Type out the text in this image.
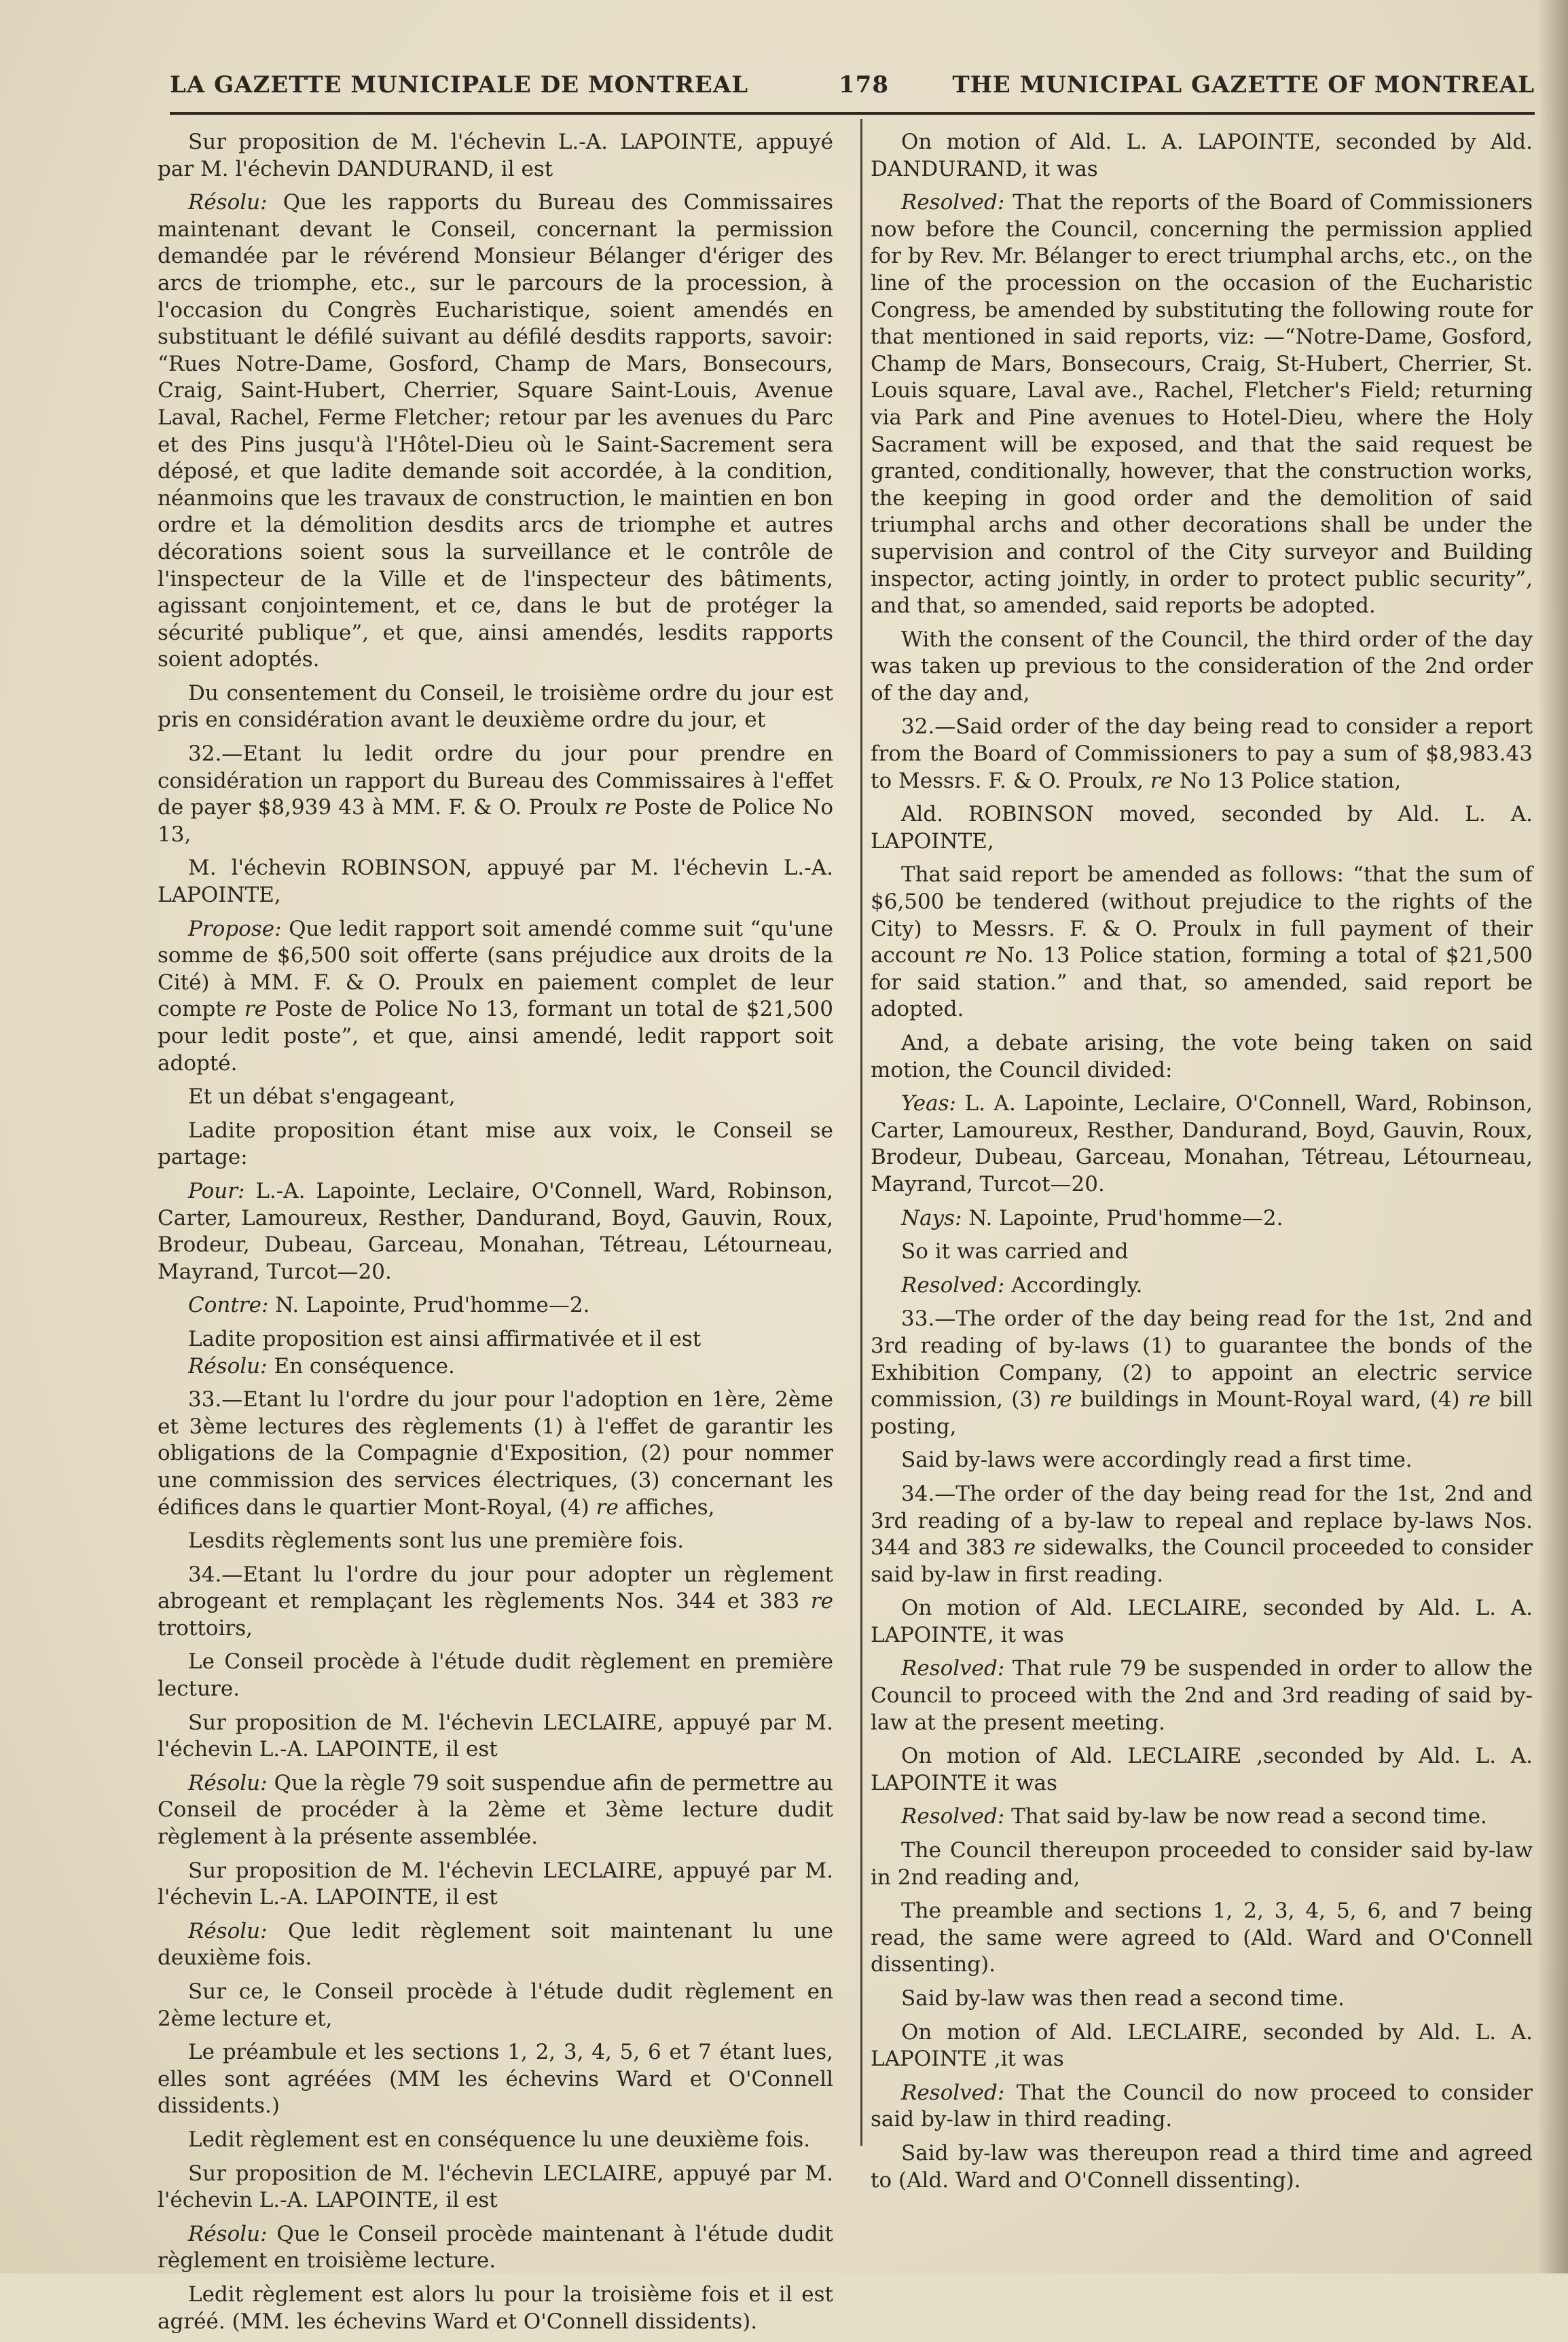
LA GAZETTE MUNICIPALE DE MONTREAL	178	THE MUNICIPAL GAZETTE OF MONTREAL

Sur proposition de M. l'échevin L.-A. LAPOINTE, appuyé par M. l'échevin DANDURAND, il est

Résolu: Que les rapports du Bureau des Commissaires maintenant devant le Conseil, concernant la permission demandée par le révérend Monsieur Bélanger d'ériger des arcs de triomphe, etc., sur le parcours de la procession, à l'occasion du Congrès Eucharistique, soient amendés en substituant le défilé suivant au défilé desdits rapports, savoir: “Rues Notre-Dame, Gosford, Champ de Mars, Bonsecours, Craig, Saint-Hubert, Cherrier, Square Saint-Louis, Avenue Laval, Rachel, Ferme Fletcher; retour par les avenues du Parc et des Pins jusqu'à l'Hôtel-Dieu où le Saint-Sacrement sera déposé, et que ladite demande soit accordée, à la condition, néanmoins que les travaux de construction, le maintien en bon ordre et la démolition desdits arcs de triomphe et autres décorations soient sous la surveillance et le contrôle de l'inspecteur de la Ville et de l'inspecteur des bâtiments, agissant conjointement, et ce, dans le but de protéger la sécurité publique”, et que, ainsi amendés, lesdits rapports soient adoptés.

Du consentement du Conseil, le troisième ordre du jour est pris en considération avant le deuxième ordre du jour, et

32.—Etant lu ledit ordre du jour pour prendre en considération un rapport du Bureau des Commissaires à l'effet de payer $8,939 43 à MM. F. & O. Proulx re Poste de Police No 13,

M. l'échevin ROBINSON, appuyé par M. l'échevin L.-A. LAPOINTE,

Propose: Que ledit rapport soit amendé comme suit “qu'une somme de $6,500 soit offerte (sans préjudice aux droits de la Cité) à MM. F. & O. Proulx en paiement complet de leur compte re Poste de Police No 13, formant un total de $21,500 pour ledit poste”, et que, ainsi amendé, ledit rapport soit adopté.

Et un débat s'engageant,

Ladite proposition étant mise aux voix, le Conseil se partage:

Pour: L.-A. Lapointe, Leclaire, O'Connell, Ward, Robinson, Carter, Lamoureux, Resther, Dandurand, Boyd, Gauvin, Roux, Brodeur, Dubeau, Garceau, Monahan, Tétreau, Létourneau, Mayrand, Turcot—20.

Contre: N. Lapointe, Prud'homme—2.

Ladite proposition est ainsi affirmativée et il est
Résolu: En conséquence.

33.—Etant lu l'ordre du jour pour l'adoption en 1ère, 2ème et 3ème lectures des règlements (1) à l'effet de garantir les obligations de la Compagnie d'Exposition, (2) pour nommer une commission des services électriques, (3) concernant les édifices dans le quartier Mont-Royal, (4) re affiches,

Lesdits règlements sont lus une première fois.

34.—Etant lu l'ordre du jour pour adopter un règlement abrogeant et remplaçant les règlements Nos. 344 et 383 re trottoirs,

Le Conseil procède à l'étude dudit règlement en première lecture.

Sur proposition de M. l'échevin LECLAIRE, appuyé par M. l'échevin L.-A. LAPOINTE, il est

Résolu: Que la règle 79 soit suspendue afin de permettre au Conseil de procéder à la 2ème et 3ème lecture dudit règlement à la présente assemblée.

Sur proposition de M. l'échevin LECLAIRE, appuyé par M. l'échevin L.-A. LAPOINTE, il est

Résolu: Que ledit règlement soit maintenant lu une deuxième fois.

Sur ce, le Conseil procède à l'étude dudit règlement en 2ème lecture et,

Le préambule et les sections 1, 2, 3, 4, 5, 6 et 7 étant lues, elles sont agréées (MM les échevins Ward et O'Connell dissidents.)

Ledit règlement est en conséquence lu une deuxième fois.

Sur proposition de M. l'échevin LECLAIRE, appuyé par M. l'échevin L.-A. LAPOINTE, il est

Résolu: Que le Conseil procède maintenant à l'étude dudit règlement en troisième lecture.

Ledit règlement est alors lu pour la troisième fois et il est agréé. (MM. les échevins Ward et O'Connell dissidents).

On motion of Ald. L. A. LAPOINTE, seconded by Ald. DANDURAND, it was

Resolved: That the reports of the Board of Commissioners now before the Council, concerning the permission applied for by Rev. Mr. Bélanger to erect triumphal archs, etc., on the line of the procession on the occasion of the Eucharistic Congress, be amended by substituting the following route for that mentioned in said reports, viz: —“Notre-Dame, Gosford, Champ de Mars, Bonsecours, Craig, St-Hubert, Cherrier, St. Louis square, Laval ave., Rachel, Fletcher's Field; returning via Park and Pine avenues to Hotel-Dieu, where the Holy Sacrament will be exposed, and that the said request be granted, conditionally, however, that the construction works, the keeping in good order and the demolition of said triumphal archs and other decorations shall be under the supervision and control of the City surveyor and Building inspector, acting jointly, in order to protect public security”, and that, so amended, said reports be adopted.

With the consent of the Council, the third order of the day was taken up previous to the consideration of the 2nd order of the day and,

32.—Said order of the day being read to consider a report from the Board of Commissioners to pay a sum of $8,983.43 to Messrs. F. & O. Proulx, re No 13 Police station,

Ald. ROBINSON moved, seconded by Ald. L. A. LAPOINTE,

That said report be amended as follows: “that the sum of $6,500 be tendered (without prejudice to the rights of the City) to Messrs. F. & O. Proulx in full payment of their account re No. 13 Police station, forming a total of $21,500 for said station.” and that, so amended, said report be adopted.

And, a debate arising, the vote being taken on said motion, the Council divided:

Yeas: L. A. Lapointe, Leclaire, O'Connell, Ward, Robinson, Carter, Lamoureux, Resther, Dandurand, Boyd, Gauvin, Roux, Brodeur, Dubeau, Garceau, Monahan, Tétreau, Létourneau, Mayrand, Turcot—20.

Nays: N. Lapointe, Prud'homme—2.

So it was carried and

Resolved: Accordingly.

33.—The order of the day being read for the 1st, 2nd and 3rd reading of by-laws (1) to guarantee the bonds of the Exhibition Company, (2) to appoint an electric service commission, (3) re buildings in Mount-Royal ward, (4) re bill posting,

Said by-laws were accordingly read a first time.

34.—The order of the day being read for the 1st, 2nd and 3rd reading of a by-law to repeal and replace by-laws Nos. 344 and 383 re sidewalks, the Council proceeded to consider said by-law in first reading.

On motion of Ald. LECLAIRE, seconded by Ald. L. A. LAPOINTE, it was

Resolved: That rule 79 be suspended in order to allow the Council to proceed with the 2nd and 3rd reading of said by-law at the present meeting.

On motion of Ald. LECLAIRE ,seconded by Ald. L. A. LAPOINTE it was

Resolved: That said by-law be now read a second time.

The Council thereupon proceeded to consider said by-law in 2nd reading and,

The preamble and sections 1, 2, 3, 4, 5, 6, and 7 being read, the same were agreed to (Ald. Ward and O'Connell dissenting).

Said by-law was then read a second time.

On motion of Ald. LECLAIRE, seconded by Ald. L. A. LAPOINTE ,it was

Resolved: That the Council do now proceed to consider said by-law in third reading.

Said by-law was thereupon read a third time and agreed to (Ald. Ward and O'Connell dissenting).
